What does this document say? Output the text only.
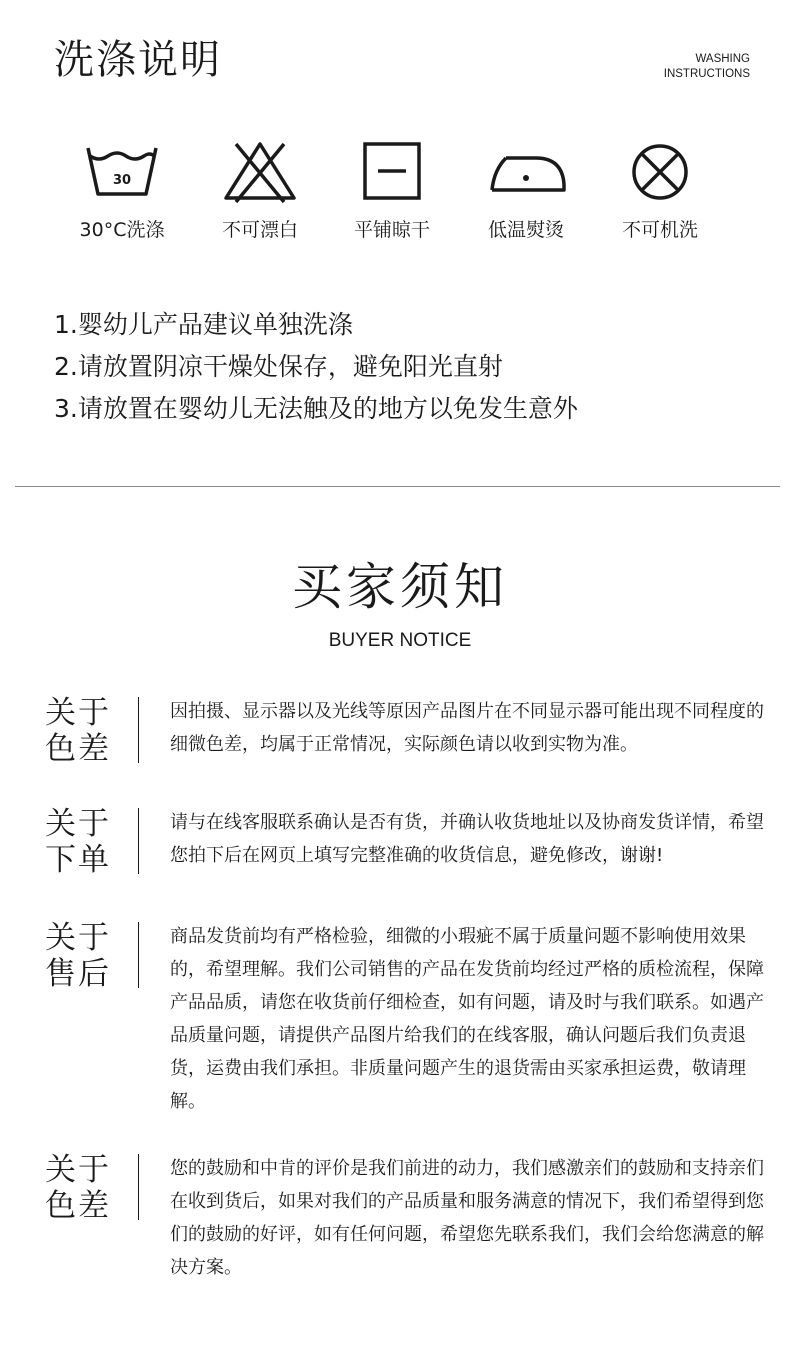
洗涤说明	WASHING
INSTRUCTIONS
30
30°C洗涤	不可漂白	平铺晾干	低温熨烫	不可机洗
1.婴幼儿产品建议单独洗涤
2.请放置阴凉干燥处保存，避免阳光直射
3.请放置在婴幼儿无法触及的地方以免发生意外
买家须知
BUYER NOTICE
关于
色差

因拍摄、显示器以及光线等原因产品图片在不同显示器可能出现不同程度的细微色差，均属于正常情况，实际颜色请以收到实物为准。

关于
下单

请与在线客服联系确认是否有货，并确认收货地址以及协商发货详情，希望您拍下后在网页上填写完整准确的收货信息，避免修改，谢谢!

关于
售后

商品发货前均有严格检验，细微的小瑕疵不属于质量问题不影响使用效果的，希望理解。我们公司销售的产品在发货前均经过严格的质检流程，保障产品品质，请您在收货前仔细检查，如有问题，请及时与我们联系。如遇产品质量问题，请提供产品图片给我们的在线客服，确认问题后我们负责退货，运费由我们承担。非质量问题产生的退货需由买家承担运费，敬请理解。

关于
色差

您的鼓励和中肯的评价是我们前进的动力，我们感激亲们的鼓励和支持亲们在收到货后，如果对我们的产品质量和服务满意的情况下，我们希望得到您们的鼓励的好评，如有任何问题，希望您先联系我们，我们会给您满意的解决方案。
